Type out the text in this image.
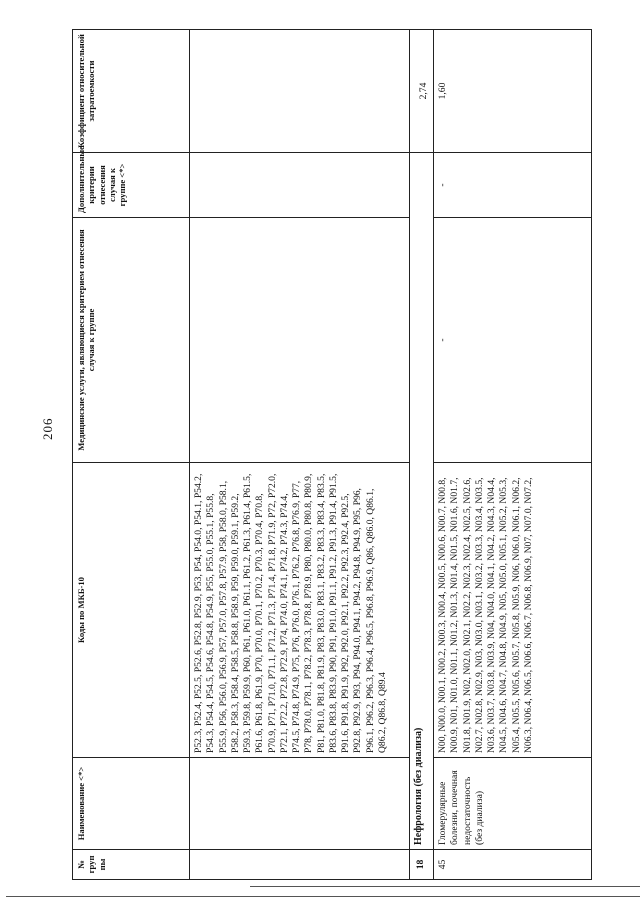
206
№ груп пы	Наименование <*>	Коды по МКБ-10	Медицинские услуги, являющиеся критерием отнесения случая к группе	Дополнительные критерии отнесения случая к группе <*>	Коэффициент относительной затратоемкости
		P52.3, P52.4, P52.5, P52.6, P52.8, P52.9, P53, P54, P54.0, P54.1, P54.2, P54.3, P54.4, P54.5, P54.6, P54.8, P54.9, P55, P55.0, P55.1, P55.8, P55.9, P56, P56.0, P56.9, P57, P57.0, P57.8, P57.9, P58, P58.0, P58.1, P58.2, P58.3, P58.4, P58.5, P58.8, P58.9, P59, P59.0, P59.1, P59.2, P59.3, P59.8, P59.9, P60, P61, P61.0, P61.1, P61.2, P61.3, P61.4, P61.5, P61.6, P61.8, P61.9, P70, P70.0, P70.1, P70.2, P70.3, P70.4, P70.8, P70.9, P71, P71.0, P71.1, P71.2, P71.3, P71.4, P71.8, P71.9, P72, P72.0, P72.1, P72.2, P72.8, P72.9, P74, P74.0, P74.1, P74.2, P74.3, P74.4, P74.5, P74.8, P74.9, P75, P76, P76.0, P76.1, P76.2, P76.8, P76.9, P77, P78, P78.0, P78.1, P78.2, P78.3, P78.8, P78.9, P80, P80.0, P80.8, P80.9, P81, P81.0, P81.8, P81.9, P83, P83.0, P83.1, P83.2, P83.3, P83.4, P83.5, P83.6, P83.8, P83.9, P90, P91, P91.0, P91.1, P91.2, P91.3, P91.4, P91.5, P91.6, P91.8, P91.9, P92, P92.0, P92.1, P92.2, P92.3, P92.4, P92.5, P92.8, P92.9, P93, P94, P94.0, P94.1, P94.2, P94.8, P94.9, P95, P96, P96.1, P96.2, P96.3, P96.4, P96.5, P96.8, P96.9, Q86, Q86.0, Q86.1, Q86.2, Q86.8, Q89.4			
18	Нефрология (без диализа)				2,74
45	Гломерулярные болезни, почечная недостаточность (без диализа)	N00, N00.0, N00.1, N00.2, N00.3, N00.4, N00.5, N00.6, N00.7, N00.8, N00.9, N01, N01.0, N01.1, N01.2, N01.3, N01.4, N01.5, N01.6, N01.7, N01.8, N01.9, N02, N02.0, N02.1, N02.2, N02.3, N02.4, N02.5, N02.6, N02.7, N02.8, N02.9, N03, N03.0, N03.1, N03.2, N03.3, N03.4, N03.5, N03.6, N03.7, N03.8, N03.9, N04, N04.0, N04.1, N04.2, N04.3, N04.4, N04.5, N04.6, N04.7, N04.8, N04.9, N05, N05.0, N05.1, N05.2, N05.3, N05.4, N05.5, N05.6, N05.7, N05.8, N05.9, N06, N06.0, N06.1, N06.2, N06.3, N06.4, N06.5, N06.6, N06.7, N06.8, N06.9, N07, N07.0, N07.2,	-	-	1,60
